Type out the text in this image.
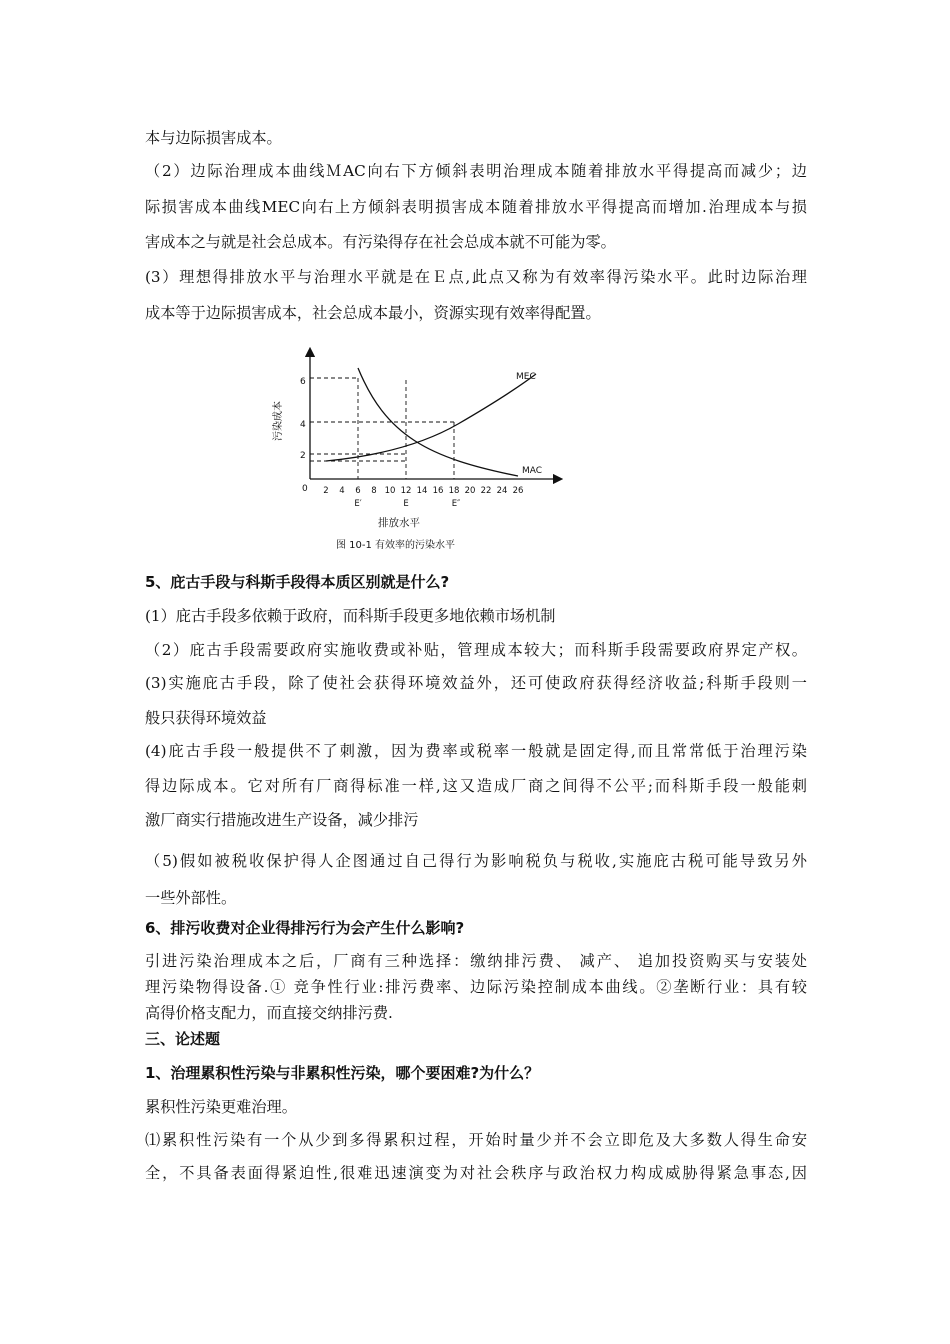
本与边际损害成本。
（2）边际治理成本曲线ＭAC向右下方倾斜表明治理成本随着排放水平得提高而减少；边
际损害成本曲线MEC向右上方倾斜表明损害成本随着排放水平得提高而增加.治理成本与损
害成本之与就是社会总成本。有污染得存在社会总成本就不可能为零。
(3）理想得排放水平与治理水平就是在Ｅ点,此点又称为有效率得污染水平。此时边际治理
成本等于边际损害成本，社会总成本最小，资源实现有效率得配置。
污染成本
6
4
2
0 2 4 6 8 10 12 14 16 18 20 22 24 26
E′	E	E″
MEC
MAC
排放水平
图 10-1 有效率的污染水平
5、庇古手段与科斯手段得本质区别就是什么?
(1）庇古手段多依赖于政府，而科斯手段更多地依赖市场机制
（2）庇古手段需要政府实施收费或补贴，管理成本较大；而科斯手段需要政府界定产权。
(3)实施庇古手段，除了使社会获得环境效益外，还可使政府获得经济收益;科斯手段则一
般只获得环境效益
(4)庇古手段一般提供不了刺激，因为费率或税率一般就是固定得,而且常常低于治理污染
得边际成本。它对所有厂商得标准一样,这又造成厂商之间得不公平;而科斯手段一般能刺
激厂商实行措施改进生产设备，减少排污
（5)假如被税收保护得人企图通过自己得行为影响税负与税收,实施庇古税可能导致另外
一些外部性。
6、排污收费对企业得排污行为会产生什么影响?
引进污染治理成本之后，厂商有三种选择：缴纳排污费、 减产、 追加投资购买与安装处
理污染物得设备.① 竞争性行业:排污费率、边际污染控制成本曲线。②垄断行业：具有较
高得价格支配力，而直接交纳排污费.
三、论述题
1、治理累积性污染与非累积性污染，哪个要困难?为什么？
累积性污染更难治理。
⑴累积性污染有一个从少到多得累积过程，开始时量少并不会立即危及大多数人得生命安
全，不具备表面得紧迫性,很难迅速演变为对社会秩序与政治权力构成威胁得紧急事态,因
